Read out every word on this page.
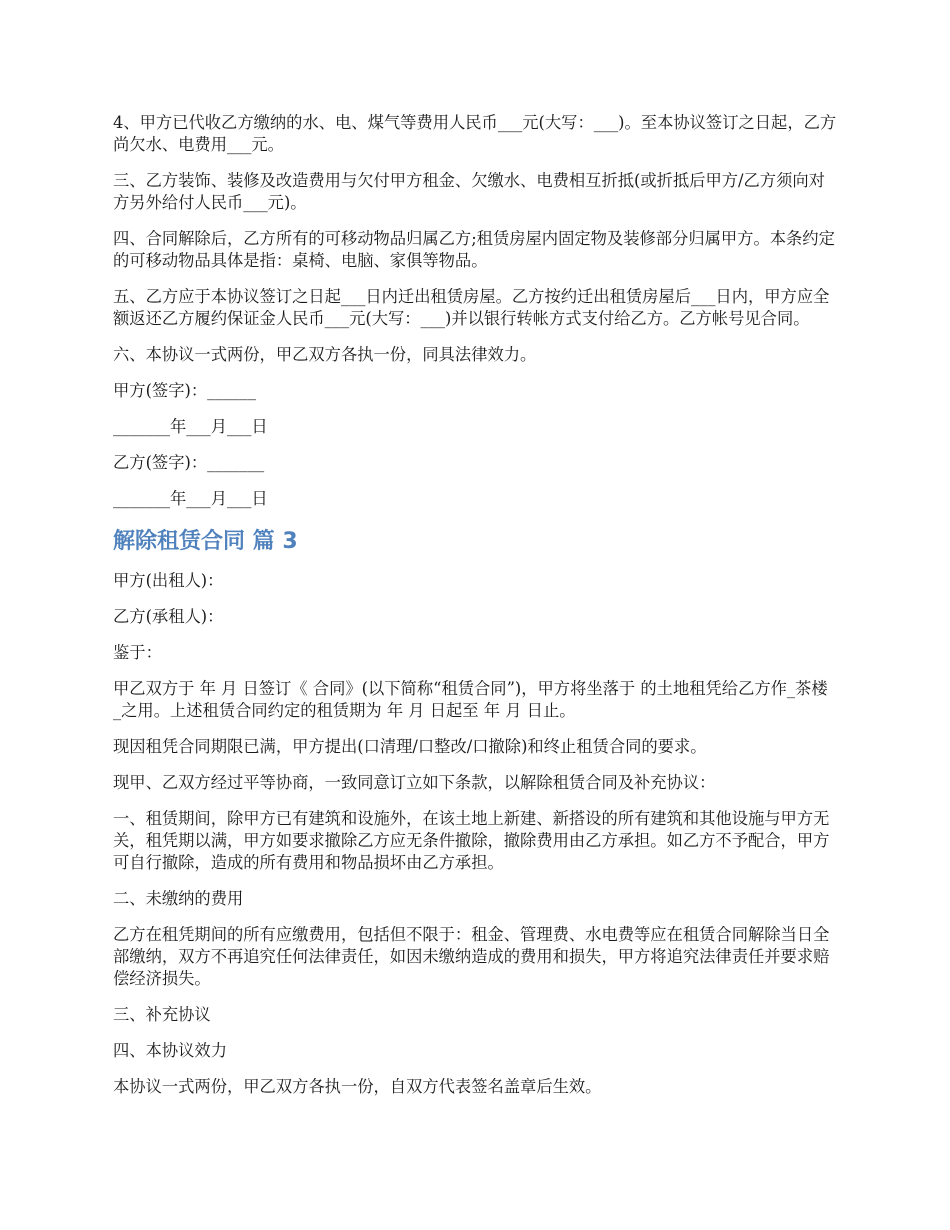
4、甲方已代收乙方缴纳的水、电、煤气等费用人民币___元(大写：___)。至本协议签订之日起，乙方尚欠水、电费用___元。

三、乙方装饰、装修及改造费用与欠付甲方租金、欠缴水、电费相互折抵(或折抵后甲方/乙方须向对方另外给付人民币___元)。

四、合同解除后，乙方所有的可移动物品归属乙方;租赁房屋内固定物及装修部分归属甲方。本条约定的可移动物品具体是指：桌椅、电脑、家俱等物品。

五、乙方应于本协议签订之日起___日内迁出租赁房屋。乙方按约迁出租赁房屋后___日内，甲方应全额返还乙方履约保证金人民币___元(大写：___)并以银行转帐方式支付给乙方。乙方帐号见合同。

六、本协议一式两份，甲乙双方各执一份，同具法律效力。

甲方(签字)：______

_______年___月___日

乙方(签字)：_______

_______年___月___日

解除租赁合同 篇 3

甲方(出租人)：

乙方(承租人)：

鉴于：

甲乙双方于 年 月 日签订《 合同》(以下简称“租赁合同”)，甲方将坐落于 的土地租凭给乙方作_茶楼 _之用。上述租赁合同约定的租赁期为 年 月 日起至 年 月 日止。

现因租凭合同期限已满，甲方提出(口清理/口整改/口撤除)和终止租赁合同的要求。

现甲、乙双方经过平等协商，一致同意订立如下条款，以解除租赁合同及补充协议：

一、租赁期间，除甲方已有建筑和设施外，在该土地上新建、新搭设的所有建筑和其他设施与甲方无关，租凭期以满，甲方如要求撤除乙方应无条件撤除，撤除费用由乙方承担。如乙方不予配合，甲方可自行撤除，造成的所有费用和物品损坏由乙方承担。

二、未缴纳的费用

乙方在租凭期间的所有应缴费用，包括但不限于：租金、管理费、水电费等应在租赁合同解除当日全部缴纳，双方不再追究任何法律责任，如因未缴纳造成的费用和损失，甲方将追究法律责任并要求赔偿经济损失。

三、补充协议

四、本协议效力

本协议一式两份，甲乙双方各执一份，自双方代表签名盖章后生效。
